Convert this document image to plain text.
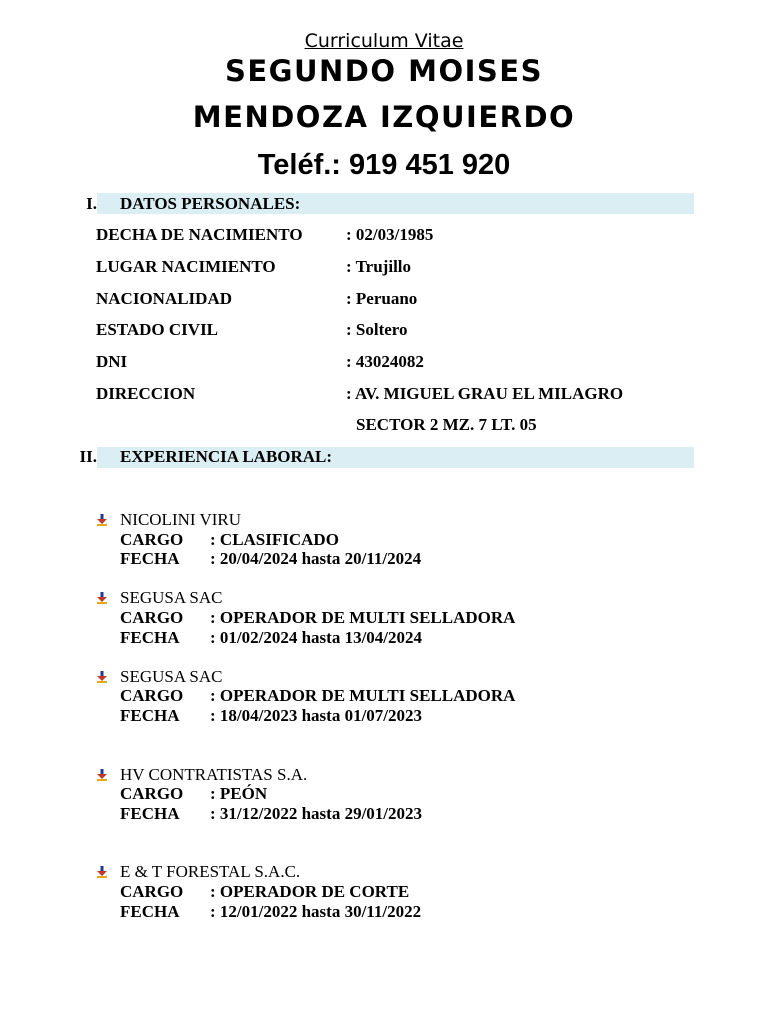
Curriculum Vitae
SEGUNDO MOISES
MENDOZA IZQUIERDO
Teléf.: 919 451 920
I. DATOS PERSONALES:
DECHA DE NACIMIENTO	: 02/03/1985
LUGAR NACIMIENTO	: Trujillo
NACIONALIDAD	: Peruano
ESTADO CIVIL	: Soltero
DNI	: 43024082
DIRECCION	: AV. MIGUEL GRAU EL MILAGRO
SECTOR 2 MZ. 7 LT. 05
II. EXPERIENCIA LABORAL:
NICOLINI VIRU
CARGO : CLASIFICADO
FECHA : 20/04/2024 hasta 20/11/2024
SEGUSA SAC
CARGO : OPERADOR DE MULTI SELLADORA
FECHA : 01/02/2024 hasta 13/04/2024
SEGUSA SAC
CARGO : OPERADOR DE MULTI SELLADORA
FECHA : 18/04/2023 hasta 01/07/2023
HV CONTRATISTAS S.A.
CARGO : PEÓN
FECHA : 31/12/2022 hasta 29/01/2023
E & T FORESTAL S.A.C.
CARGO : OPERADOR DE CORTE
FECHA : 12/01/2022 hasta 30/11/2022
